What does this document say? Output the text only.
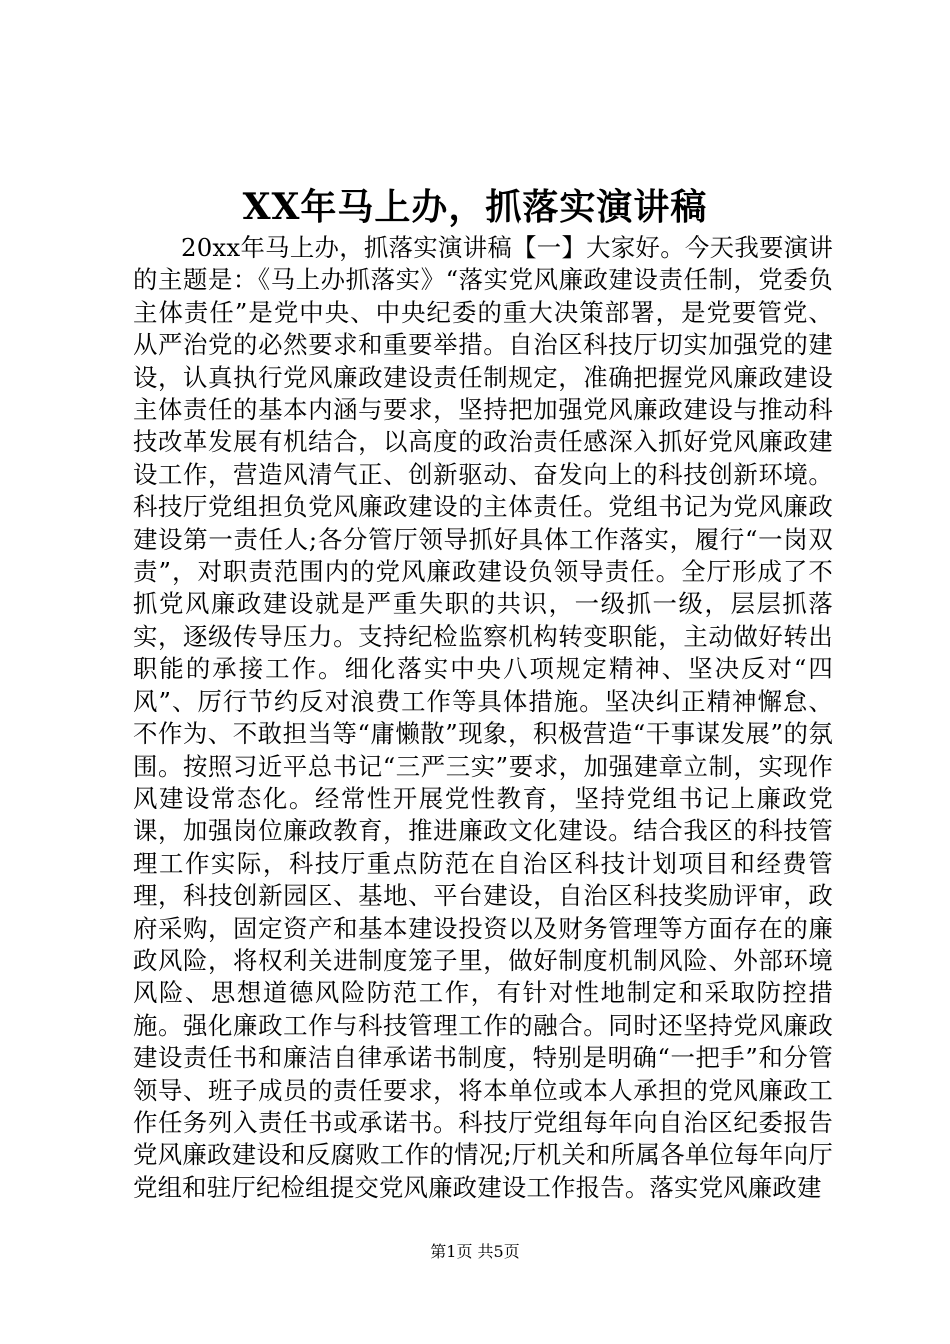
XX年马上办，抓落实演讲稿

20xx年马上办，抓落实演讲稿【一】大家好。今天我要演讲的主题是：《马上办抓落实》“落实党风廉政建设责任制，党委负主体责任”是党中央、中央纪委的重大决策部署，是党要管党、从严治党的必然要求和重要举措。自治区科技厅切实加强党的建设，认真执行党风廉政建设责任制规定，准确把握党风廉政建设主体责任的基本内涵与要求，坚持把加强党风廉政建设与推动科技改革发展有机结合，以高度的政治责任感深入抓好党风廉政建设工作，营造风清气正、创新驱动、奋发向上的科技创新环境。科技厅党组担负党风廉政建设的主体责任。党组书记为党风廉政建设第一责任人;各分管厅领导抓好具体工作落实，履行“一岗双责”，对职责范围内的党风廉政建设负领导责任。全厅形成了不抓党风廉政建设就是严重失职的共识，一级抓一级，层层抓落实，逐级传导压力。支持纪检监察机构转变职能，主动做好转出职能的承接工作。细化落实中央八项规定精神、坚决反对“四风”、厉行节约反对浪费工作等具体措施。坚决纠正精神懈怠、不作为、不敢担当等“庸懒散”现象，积极营造“干事谋发展”的氛围。按照习近平总书记“三严三实”要求，加强建章立制，实现作风建设常态化。经常性开展党性教育，坚持党组书记上廉政党课，加强岗位廉政教育，推进廉政文化建设。结合我区的科技管理工作实际，科技厅重点防范在自治区科技计划项目和经费管理，科技创新园区、基地、平台建设，自治区科技奖励评审，政府采购，固定资产和基本建设投资以及财务管理等方面存在的廉政风险，将权利关进制度笼子里，做好制度机制风险、外部环境风险、思想道德风险防范工作，有针对性地制定和采取防控措施。强化廉政工作与科技管理工作的融合。同时还坚持党风廉政建设责任书和廉洁自律承诺书制度，特别是明确“一把手”和分管领导、班子成员的责任要求，将本单位或本人承担的党风廉政工作任务列入责任书或承诺书。科技厅党组每年向自治区纪委报告党风廉政建设和反腐败工作的情况;厅机关和所属各单位每年向厅党组和驻厅纪检组提交党风廉政建设工作报告。落实党风廉政建

第1页 共5页
